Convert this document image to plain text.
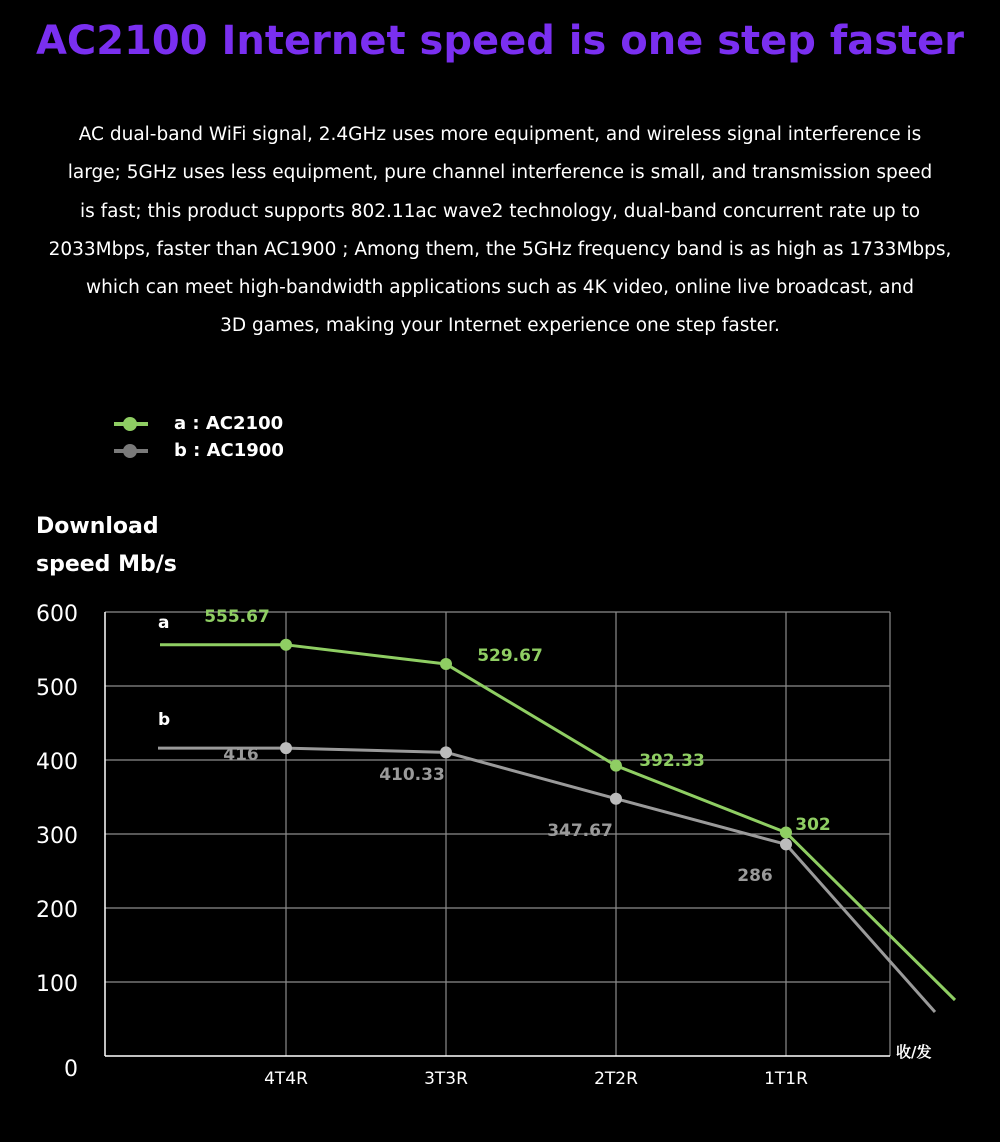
AC2100 Internet speed is one step faster
AC dual-band WiFi signal, 2.4GHz uses more equipment, and wireless signal interference is
large; 5GHz uses less equipment, pure channel interference is small, and transmission speed
is fast; this product supports 802.11ac wave2 technology, dual-band concurrent rate up to
2033Mbps, faster than AC1900 ; Among them, the 5GHz frequency band is as high as 1733Mbps,
which can meet high-bandwidth applications such as 4K video, online live broadcast, and
3D games, making your Internet experience one step faster.
a : AC2100
b : AC1900
Download speed Mb/s
0
100
200
300
400
500
600
4T4R	3T3R	2T2R	1T1R
收/发
555.67
529.67
392.33
302
a
416
410.33
347.67
286
b
